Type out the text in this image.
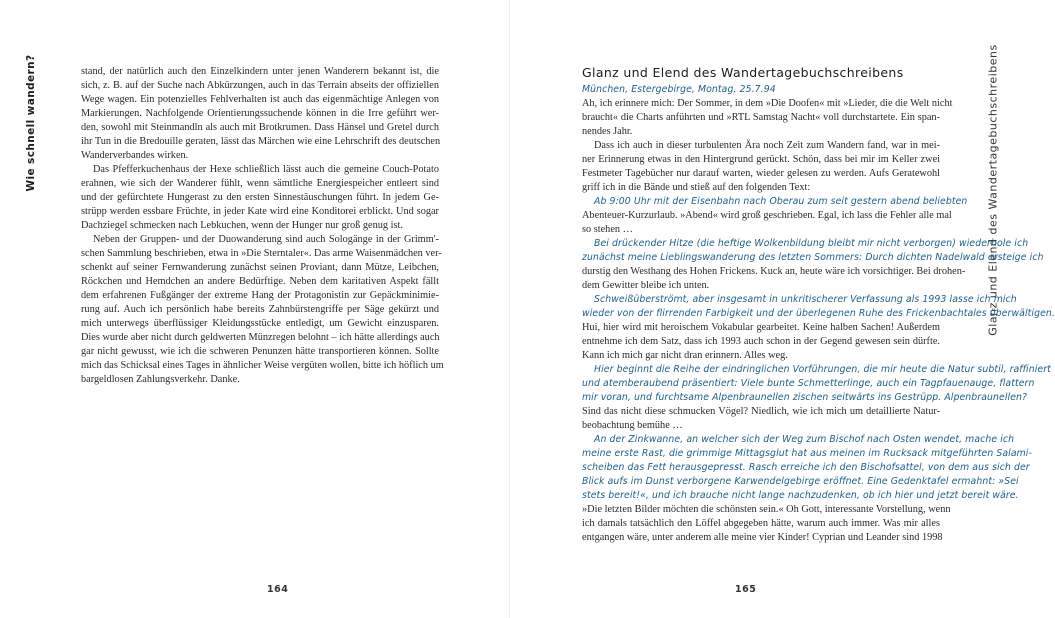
Wie schnell wandern?	Glanz und Elend des Wandertagebuchschreibens
stand, der natürlich auch den Einzelkindern unter jenen Wanderern bekannt ist, die
sich, z. B. auf der Suche nach Abkürzungen, auch in das Terrain abseits der offiziellen
Wege wagen. Ein potenzielles Fehlverhalten ist auch das eigenmächtige Anlegen von
Markierungen. Nachfolgende Orientierungssuchende können in die Irre geführt wer-
den, sowohl mit Steinmandln als auch mit Brotkrumen. Dass Hänsel und Gretel durch
ihr Tun in die Bredouille geraten, lässt das Märchen wie eine Lehrschrift des deutschen
Wanderverbandes wirken.
Das Pfefferkuchenhaus der Hexe schließlich lässt auch die gemeine Couch-Potato
erahnen, wie sich der Wanderer fühlt, wenn sämtliche Energiespeicher entleert sind
und der gefürchtete Hungerast zu den ersten Sinnestäuschungen führt. In jedem Ge-
strüpp werden essbare Früchte, in jeder Kate wird eine Konditorei erblickt. Und sogar
Dachziegel schmecken nach Lebkuchen, wenn der Hunger nur groß genug ist.
Neben der Gruppen- und der Duowanderung sind auch Sologänge in der Grimm'-
schen Sammlung beschrieben, etwa in »Die Sterntaler«. Das arme Waisenmädchen ver-
schenkt auf seiner Fernwanderung zunächst seinen Proviant, dann Mütze, Leibchen,
Röckchen und Hemdchen an andere Bedürftige. Neben dem karitativen Aspekt fällt
dem erfahrenen Fußgänger der extreme Hang der Protagonistin zur Gepäckminimie-
rung auf. Auch ich persönlich habe bereits Zahnbürstengriffe per Säge gekürzt und
mich unterwegs überflüssiger Kleidungsstücke entledigt, um Gewicht einzusparen.
Dies wurde aber nicht durch geldwerten Münzregen belohnt – ich hätte allerdings auch
gar nicht gewusst, wie ich die schweren Penunzen hätte transportieren können. Sollte
mich das Schicksal eines Tages in ähnlicher Weise vergüten wollen, bitte ich höflich um
bargeldlosen Zahlungsverkehr. Danke.
Glanz und Elend des Wandertagebuchschreibens
München, Estergebirge, Montag, 25.7.94
Ah, ich erinnere mich: Der Sommer, in dem »Die Doofen« mit »Lieder, die die Welt nicht
braucht« die Charts anführten und »RTL Samstag Nacht« voll durchstartete. Ein span-
nendes Jahr.
Dass ich auch in dieser turbulenten Ära noch Zeit zum Wandern fand, war in mei-
ner Erinnerung etwas in den Hintergrund gerückt. Schön, dass bei mir im Keller zwei
Festmeter Tagebücher nur darauf warten, wieder gelesen zu werden. Aufs Geratewohl
griff ich in die Bände und stieß auf den folgenden Text:
Ab 9:00 Uhr mit der Eisenbahn nach Oberau zum seit gestern abend beliebten
Abenteuer-Kurzurlaub. »Abend« wird groß geschrieben. Egal, ich lass die Fehler alle mal
so stehen …
Bei drückender Hitze (die heftige Wolkenbildung bleibt mir nicht verborgen) wiederhole ich
zunächst meine Lieblingswanderung des letzten Sommers: Durch dichten Nadelwald ersteige ich
durstig den Westhang des Hohen Frickens. Kuck an, heute wäre ich vorsichtiger. Bei drohen-
dem Gewitter bleibe ich unten.
Schweißüberströmt, aber insgesamt in unkritischerer Verfassung als 1993 lasse ich mich
wieder von der flirrenden Farbigkeit und der überlegenen Ruhe des Frickenbachtales überwältigen.
Hui, hier wird mit heroischem Vokabular gearbeitet. Keine halben Sachen! Außerdem
entnehme ich dem Satz, dass ich 1993 auch schon in der Gegend gewesen sein dürfte.
Kann ich mich gar nicht dran erinnern. Alles weg.
Hier beginnt die Reihe der eindringlichen Vorführungen, die mir heute die Natur subtil, raffiniert
und atemberaubend präsentiert: Viele bunte Schmetterlinge, auch ein Tagpfauenauge, flattern
mir voran, und furchtsame Alpenbraunellen zischen seitwärts ins Gestrüpp. Alpenbraunellen?
Sind das nicht diese schmucken Vögel? Niedlich, wie ich mich um detaillierte Natur-
beobachtung bemühe …
An der Zinkwanne, an welcher sich der Weg zum Bischof nach Osten wendet, mache ich
meine erste Rast, die grimmige Mittagsglut hat aus meinen im Rucksack mitgeführten Salami-
scheiben das Fett herausgepresst. Rasch erreiche ich den Bischofsattel, von dem aus sich der
Blick aufs im Dunst verborgene Karwendelgebirge eröffnet. Eine Gedenktafel ermahnt: »Sei
stets bereit!«, und ich brauche nicht lange nachzudenken, ob ich hier und jetzt bereit wäre.
»Die letzten Bilder möchten die schönsten sein.« Oh Gott, interessante Vorstellung, wenn
ich damals tatsächlich den Löffel abgegeben hätte, warum auch immer. Was mir alles
entgangen wäre, unter anderem alle meine vier Kinder! Cyprian und Leander sind 1998
164	165
